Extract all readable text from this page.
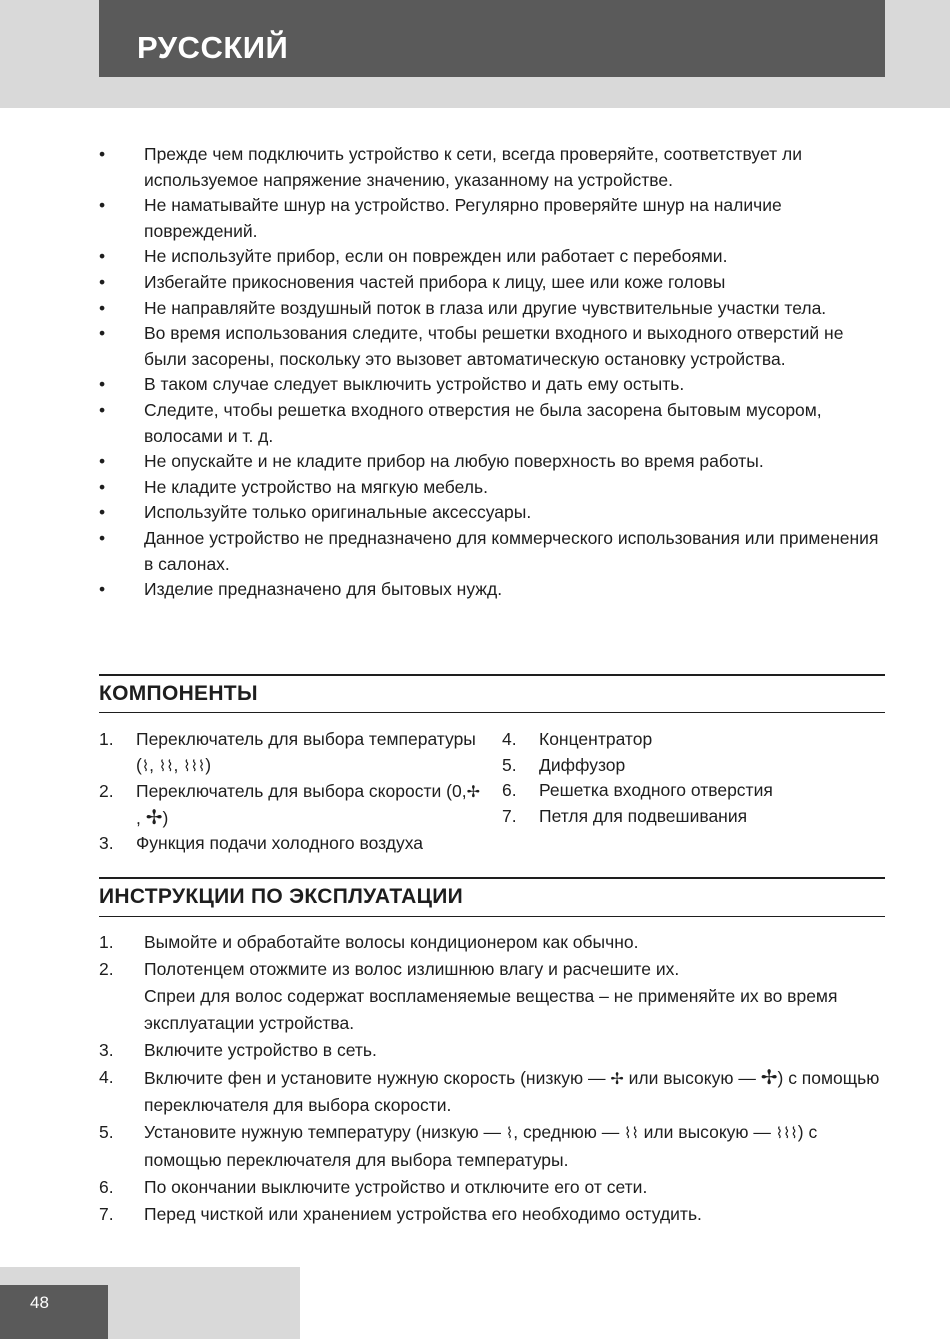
РУССКИЙ
• Прежде чем подключить устройство к сети, всегда проверяйте, соответствует ли используемое напряжение значению, указанному на устройстве.
• Не наматывайте шнур на устройство. Регулярно проверяйте шнур на наличие повреждений.
• Не используйте прибор, если он поврежден или работает с перебоями.
• Избегайте прикосновения частей прибора к лицу, шее или коже головы
• Не направляйте воздушный поток в глаза или другие чувствительные участки тела.
• Во время использования следите, чтобы решетки входного и выходного отверстий не были засорены, поскольку это вызовет автоматическую остановку устройства.
• В таком случае следует выключить устройство и дать ему остыть.
• Следите, чтобы решетка входного отверстия не была засорена бытовым мусором, волосами и т. д.
• Не опускайте и не кладите прибор на любую поверхность во время работы.
• Не кладите устройство на мягкую мебель.
• Используйте только оригинальные аксессуары.
• Данное устройство не предназначено для коммерческого использования или применения в салонах.
• Изделие предназначено для бытовых нужд.
КОМПОНЕНТЫ
1. Переключатель для выбора температуры (⌇, ⌇⌇, ⌇⌇⌇)
2. Переключатель для выбора скорости (0,✢ , ✢)
3. Функция подачи холодного воздуха
4. Концентратор
5. Диффузор
6. Решетка входного отверстия
7. Петля для подвешивания
ИНСТРУКЦИИ ПО ЭКСПЛУАТАЦИИ
1. Вымойте и обработайте волосы кондиционером как обычно.
2. Полотенцем отожмите из волос излишнюю влагу и расчешите их.
Спреи для волос содержат воспламеняемые вещества – не применяйте их во время эксплуатации устройства.
3. Включите устройство в сеть.
4. Включите фен и установите нужную скорость (низкую — ✢ или высокую — ✢) с помощью переключателя для выбора скорости.
5. Установите нужную температуру (низкую — ⌇, среднюю — ⌇⌇ или высокую — ⌇⌇⌇) с помощью переключателя для выбора температуры.
6. По окончании выключите устройство и отключите его от сети.
7. Перед чисткой или хранением устройства его необходимо остудить.
48
